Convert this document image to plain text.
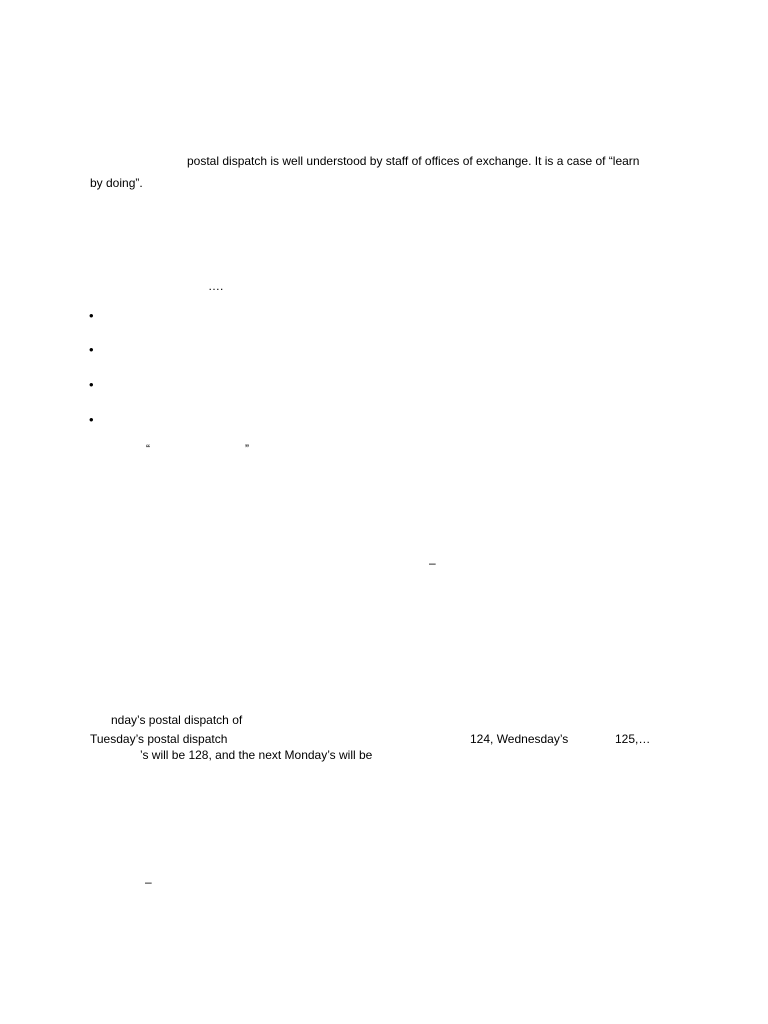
postal dispatch is well understood by staff of offices of exchange. It is a case of “learn
by doing”.
….
•
•
•
•
“	”
–
nday’s postal dispatch of
Tuesday’s postal dispatch	124, Wednesday’s	125,…
’s will be 128, and the next Monday’s will be
–
